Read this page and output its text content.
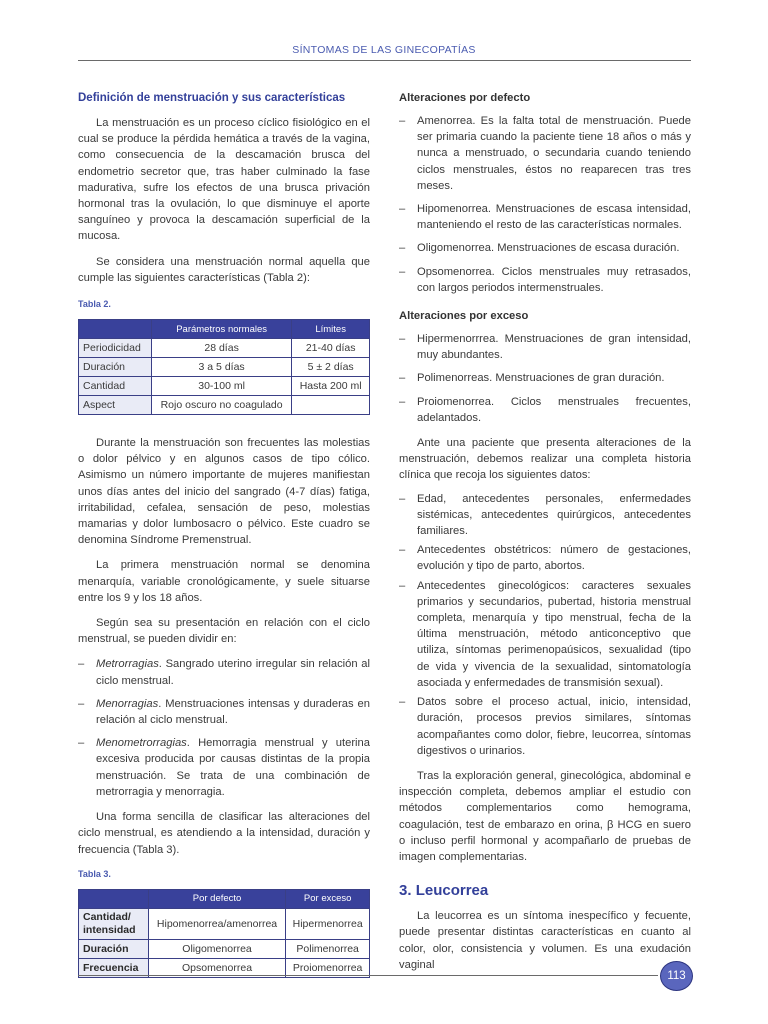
SÍNTOMAS DE LAS GINECOPATÍAS
Definición de menstruación y sus características

La menstruación es un proceso cíclico fisiológico en el cual se produce la pérdida hemática a través de la vagina, como consecuencia de la descamación brusca del endometrio secretor que, tras haber culminado la fase madurativa, sufre los efectos de una brusca privación hormonal tras la ovulación, lo que disminuye el aporte sanguíneo y provoca la descamación superficial de la mucosa.

Se considera una menstruación normal aquella que cumple las siguientes características (Tabla 2):

Tabla 2.
	Parámetros normales	Límites
Periodicidad	28 días	21-40 días
Duración	3 a 5 días	5 ± 2 días
Cantidad	30-100 ml	Hasta 200 ml
Aspect	Rojo oscuro no coagulado	

Durante la menstruación son frecuentes las molestias o dolor pélvico y en algunos casos de tipo cólico. Asimismo un número importante de mujeres manifiestan unos días antes del inicio del sangrado (4-7 días) fatiga, irritabilidad, cefalea, sensación de peso, molestias mamarias y dolor lumbosacro o pélvico. Este cuadro se denomina Síndrome Premenstrual.

La primera menstruación normal se denomina menarquía, variable cronológicamente, y suele situarse entre los 9 y los 18 años.

Según sea su presentación en relación con el ciclo menstrual, se pueden dividir en:

– Metrorragias. Sangrado uterino irregular sin relación al ciclo menstrual.
– Menorragias. Menstruaciones intensas y duraderas en relación al ciclo menstrual.
– Menometrorragias. Hemorragia menstrual y uterina excesiva producida por causas distintas de la propia menstruación. Se trata de una combinación de metrorragia y menorragia.

Una forma sencilla de clasificar las alteraciones del ciclo menstrual, es atendiendo a la intensidad, duración y frecuencia (Tabla 3).

Tabla 3.
	Por defecto	Por exceso
Cantidad/ intensidad	Hipomenorrea/amenorrea	Hipermenorrea
Duración	Oligomenorrea	Polimenorrea
Frecuencia	Opsomenorrea	Proiomenorrea
Alteraciones por defecto
– Amenorrea. Es la falta total de menstruación. Puede ser primaria cuando la paciente tiene 18 años o más y nunca a menstruado, o secundaria cuando teniendo ciclos menstruales, éstos no reaparecen tras tres meses.
– Hipomenorrea. Menstruaciones de escasa intensidad, manteniendo el resto de las características normales.
– Oligomenorrea. Menstruaciones de escasa duración.
– Opsomenorrea. Ciclos menstruales muy retrasados, con largos periodos intermenstruales.
Alteraciones por exceso
– Hipermenorrrea. Menstruaciones de gran intensidad, muy abundantes.
– Polimenorreas. Menstruaciones de gran duración.
– Proiomenorrea. Ciclos menstruales frecuentes, adelantados.

Ante una paciente que presenta alteraciones de la menstruación, debemos realizar una completa historia clínica que recoja los siguientes datos:

– Edad, antecedentes personales, enfermedades sistémicas, antecedentes quirúrgicos, antecedentes familiares.
– Antecedentes obstétricos: número de gestaciones, evolución y tipo de parto, abortos.
– Antecedentes ginecológicos: caracteres sexuales primarios y secundarios, pubertad, historia menstrual completa, menarquía y tipo menstrual, fecha de la última menstruación, método anticonceptivo que utiliza, síntomas perimenopaúsicos, sexualidad (tipo de vida y vivencia de la sexualidad, sintomatología asociada y enfermedades de transmisión sexual).
– Datos sobre el proceso actual, inicio, intensidad, duración, procesos previos similares, síntomas acompañantes como dolor, fiebre, leucorrea, síntomas digestivos o urinarios.

Tras la exploración general, ginecológica, abdominal e inspección completa, debemos ampliar el estudio con métodos complementarios como hemograma, coagulación, test de embarazo en orina, β HCG en suero o incluso perfil hormonal y acompañarlo de pruebas de imagen complementarias.

3. Leucorrea

La leucorrea es un síntoma inespecífico y fecuente, puede presentar distintas características en cuanto al color, olor, consistencia y volumen. Es una exudación vaginal

113
